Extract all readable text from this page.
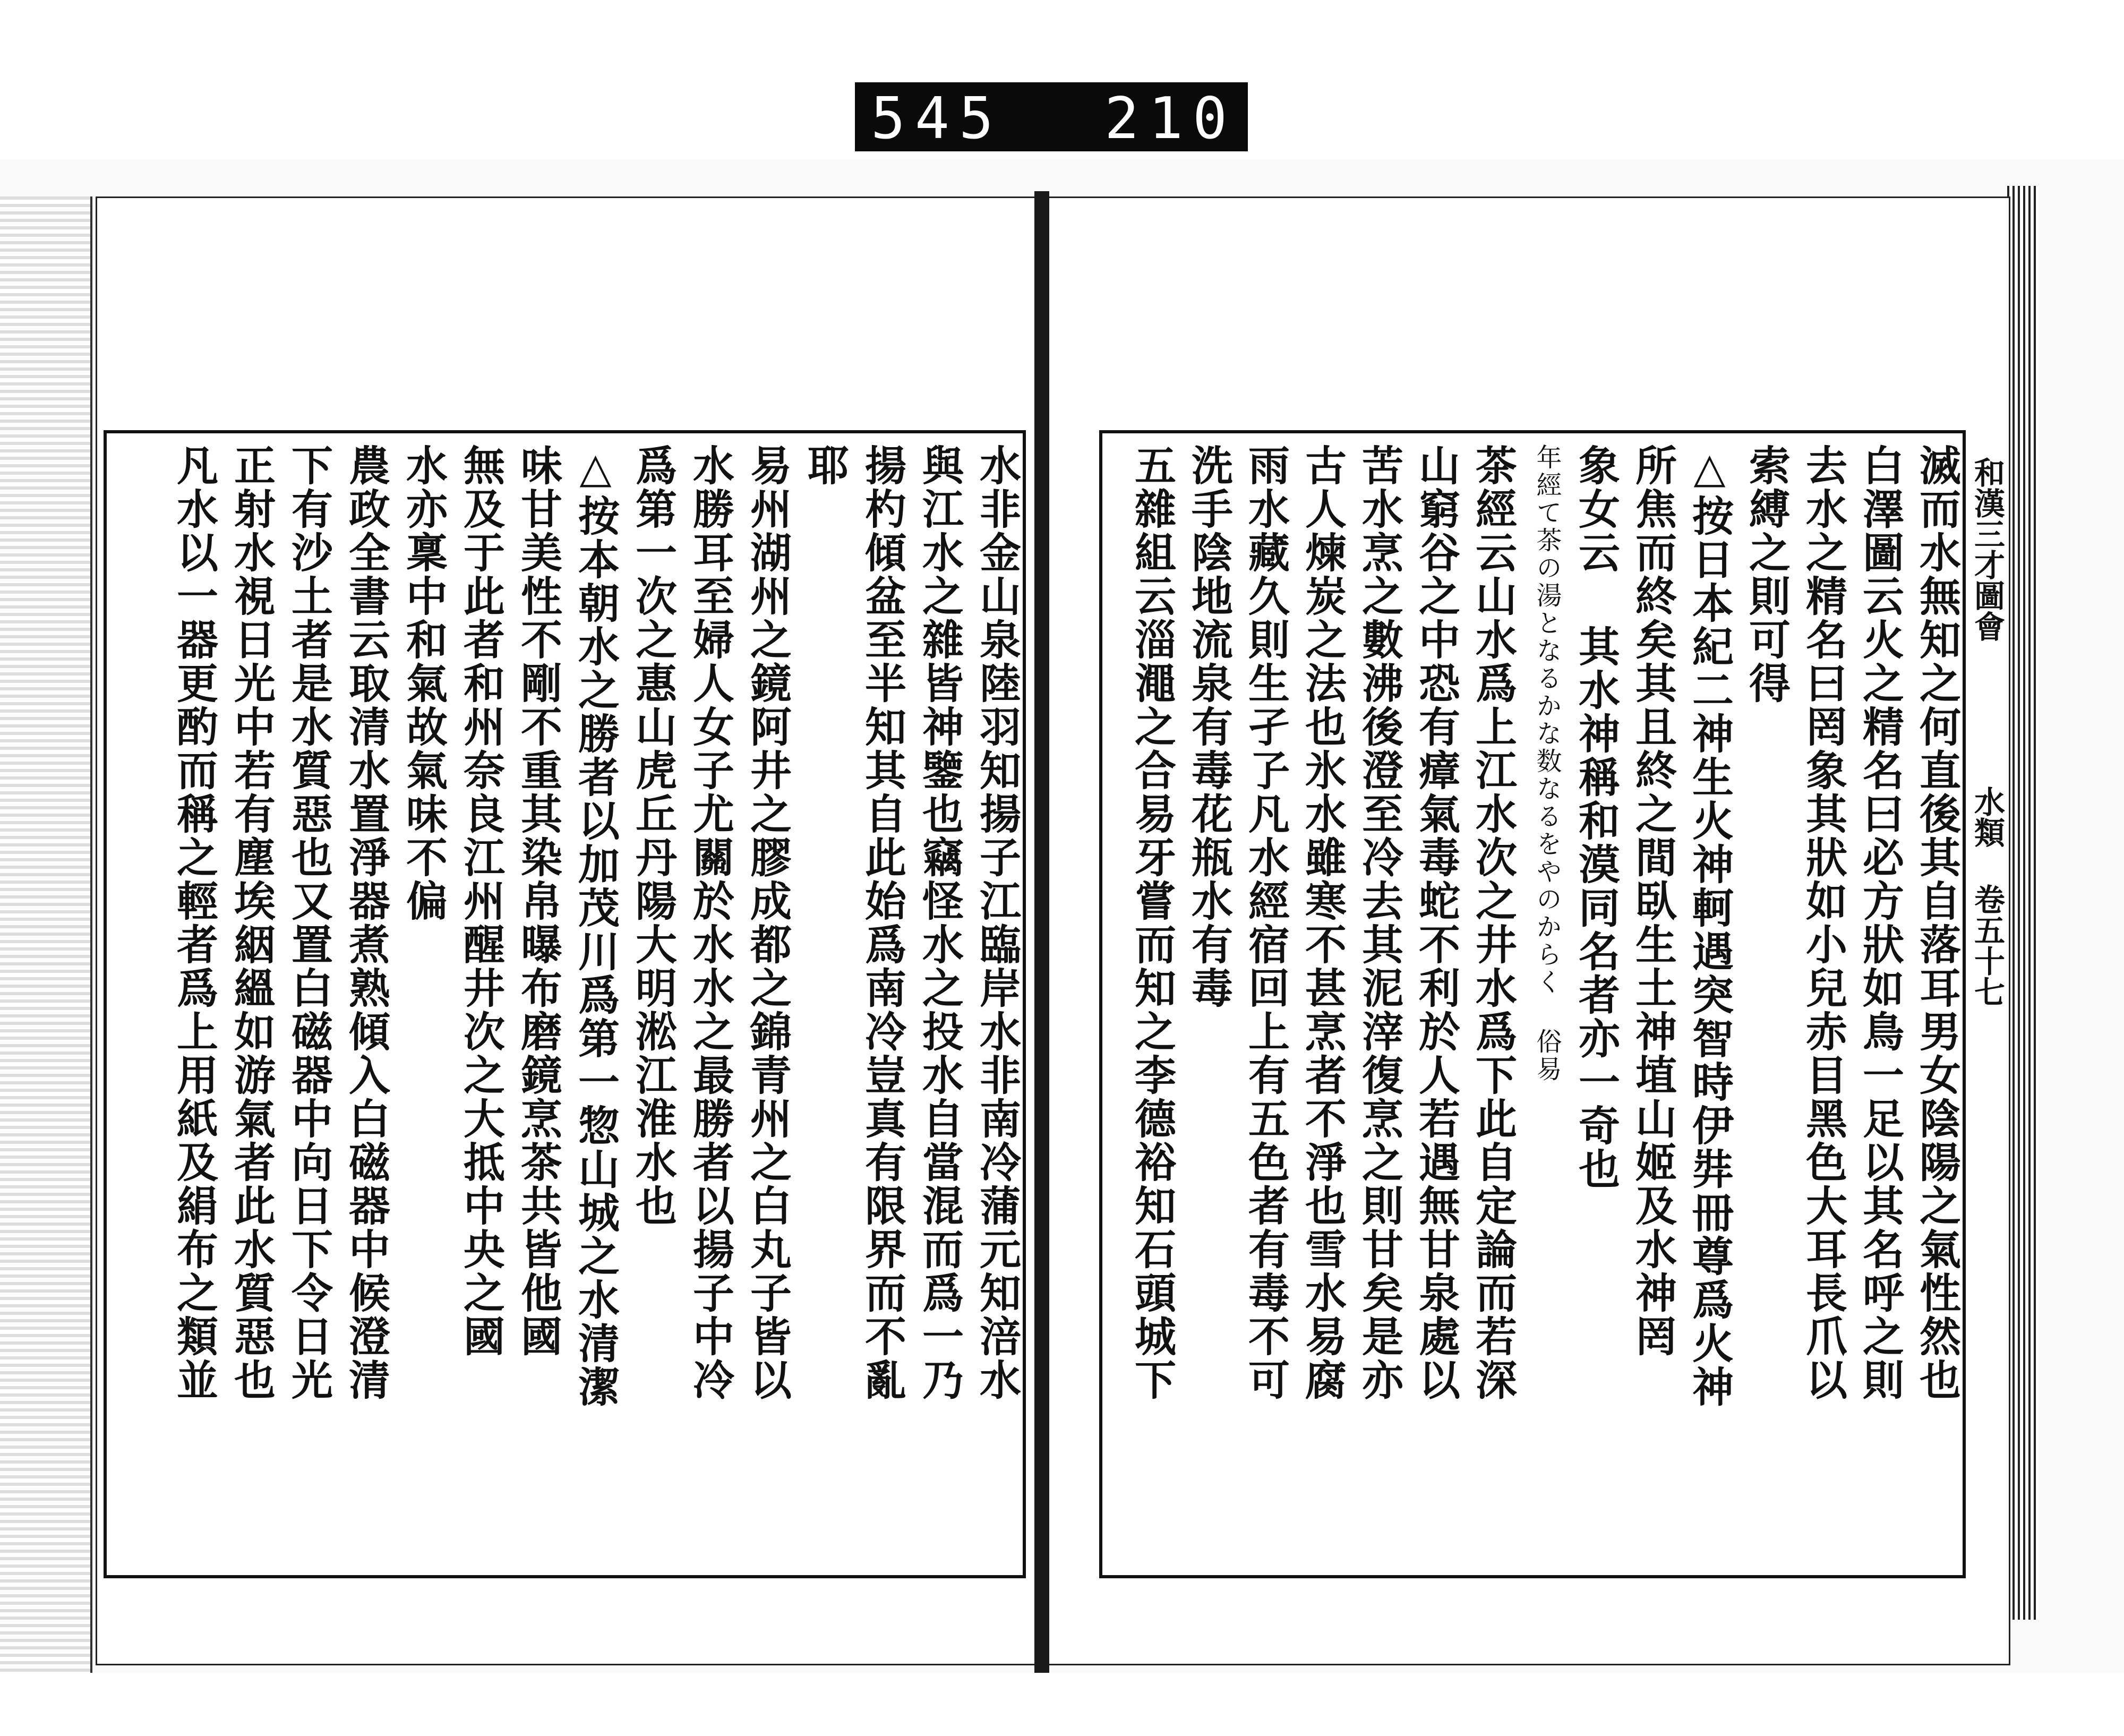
545 210.
和漢三才圖會
水類 卷五十七
滅而水無知之何直後其自落耳男女陰陽之氣性然也
白澤圖云火之精名曰必方狀如鳥一足以其名呼之則
去水之精名曰罔象其狀如小兒赤目黑色大耳長爪以
索縛之則可得
△按日本紀二神生火神軻遇突智時伊弉冊尊爲火神
所焦而終矣其且終之間臥生土神埴山姬及水神罔
象女云 其水神稱和漠同名者亦一奇也
年經て茶の湯となるかな数なるをやのからく 俗易
茶經云山水爲上江水次之井水爲下此自定論而若深
山窮谷之中恐有瘴氣毒蛇不利於人若遇無甘泉處以
苦水烹之數沸後澄至冷去其泥滓復烹之則甘矣是亦
古人煉炭之法也氷水雖寒不甚烹者不淨也雪水易腐
雨水藏久則生孑孒凡水經宿回上有五色者有毒不可
洗手陰地流泉有毒花瓶水有毒
五雜組云淄澠之合易牙嘗而知之李德裕知石頭城下
水非金山泉陸羽知揚子江臨岸水非南冷蒲元知涪水
與江水之雜皆神鑒也竊怪水之投水自當混而爲一乃
揚杓傾盆至半知其自此始爲南冷豈真有限界而不亂
耶
易州湖州之鏡阿井之膠成都之錦青州之白丸子皆以
水勝耳至婦人女子尤關於水水之最勝者以揚子中冷
爲第一次之惠山虎丘丹陽大明淞江淮水也
△按本朝水之勝者以加茂川爲第一惣山城之水清潔
味甘美性不剛不重其染帛曝布磨鏡烹茶共皆他國
無及于此者和州奈良江州醒井次之大抵中央之國
水亦稟中和氣故氣味不偏
農政全書云取清水置淨器煮熟傾入白磁器中候澄清
下有沙土者是水質惡也又置白磁器中向日下令日光
正射水視日光中若有塵埃絪縕如游氣者此水質惡也
凡水以一器更酌而稱之輕者爲上用紙及絹布之類並
